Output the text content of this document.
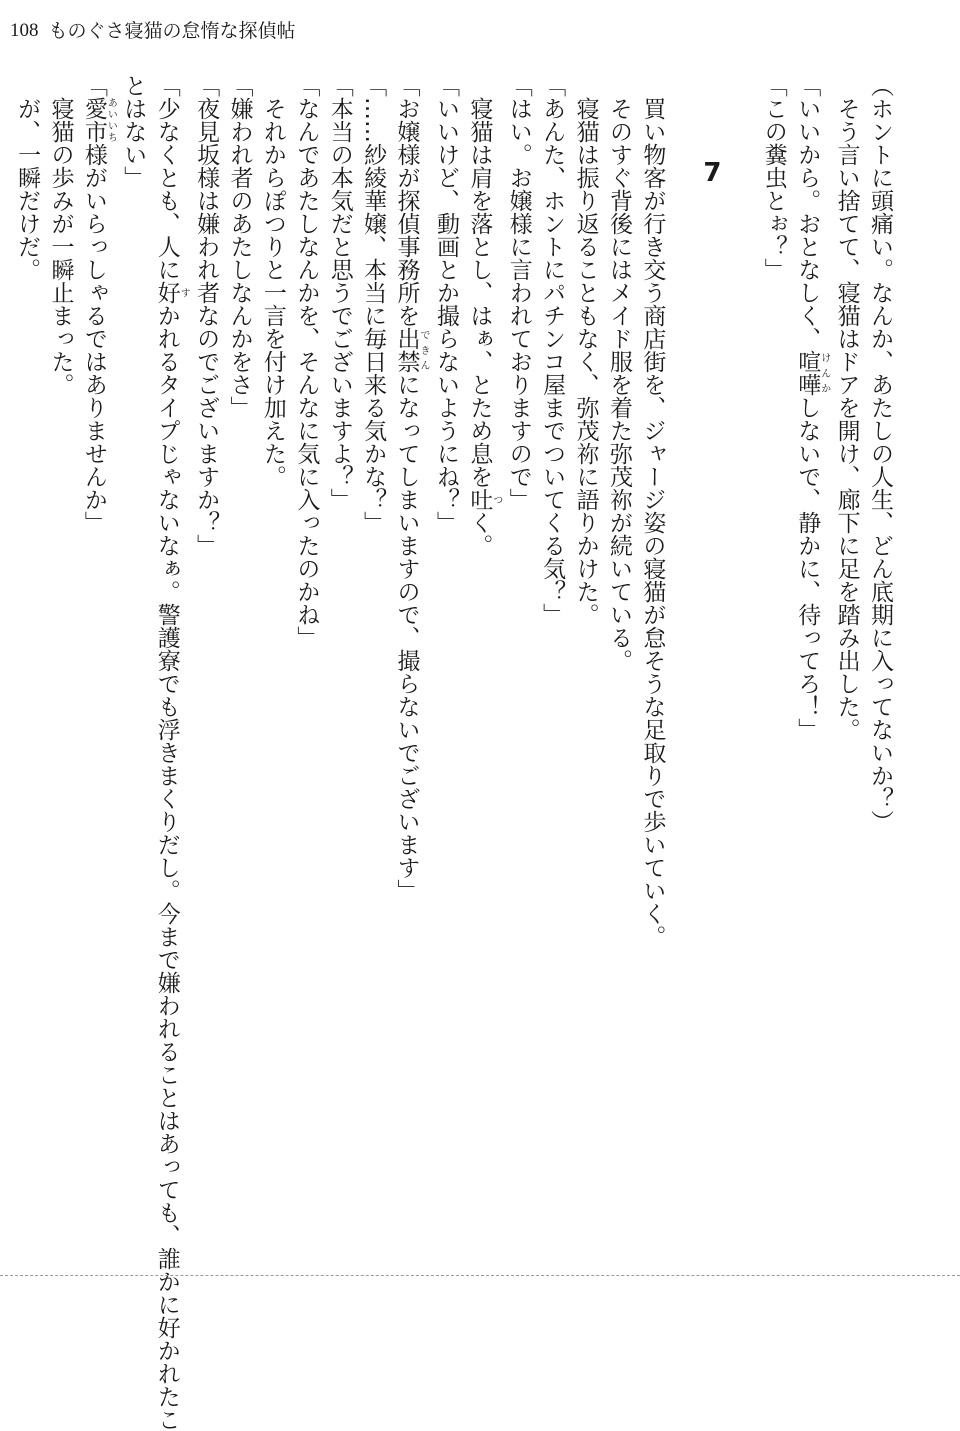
108 ものぐさ寝猫の怠惰な探偵帖
（ホントに頭痛い。なんか、あたしの人生、どん底期に入ってないか？）
そう言い捨てて、寝猫はドアを開け、廊下に足を踏み出した。
「いいから。おとなしく、喧嘩けんかしないで、静かに、待ってろ！」
「この糞虫とぉ？」
7
買い物客が行き交う商店街を、ジャージ姿の寝猫が怠そうな足取りで歩いていく。
そのすぐ背後にはメイド服を着た弥茂祢が続いている。
寝猫は振り返ることもなく、弥茂祢に語りかけた。
「あんた、ホントにパチンコ屋までついてくる気？」
「はい。お嬢様に言われておりますので」
寝猫は肩を落とし、はぁ、とため息を吐つく。
「いいけど、動画とか撮らないようにね？」
「お嬢様が探偵事務所を出禁できんになってしまいますので、撮らないでございます」
「……紗綾華嬢、本当に毎日来る気かな？」
「本当の本気だと思うでございますよ？」
「なんであたしなんかを、そんなに気に入ったのかね」
それからぽつりと一言を付け加えた。
「嫌われ者のあたしなんかをさ」
「夜見坂様は嫌われ者なのでございますか？」
「少なくとも、人に好すかれるタイプじゃないなぁ。警護寮でも浮きまくりだし。今まで嫌われることはあっても、誰かに好かれたこ
とはない」
「愛市あいいち様がいらっしゃるではありませんか」
寝猫の歩みが一瞬止まった。
が、一瞬だけだ。
